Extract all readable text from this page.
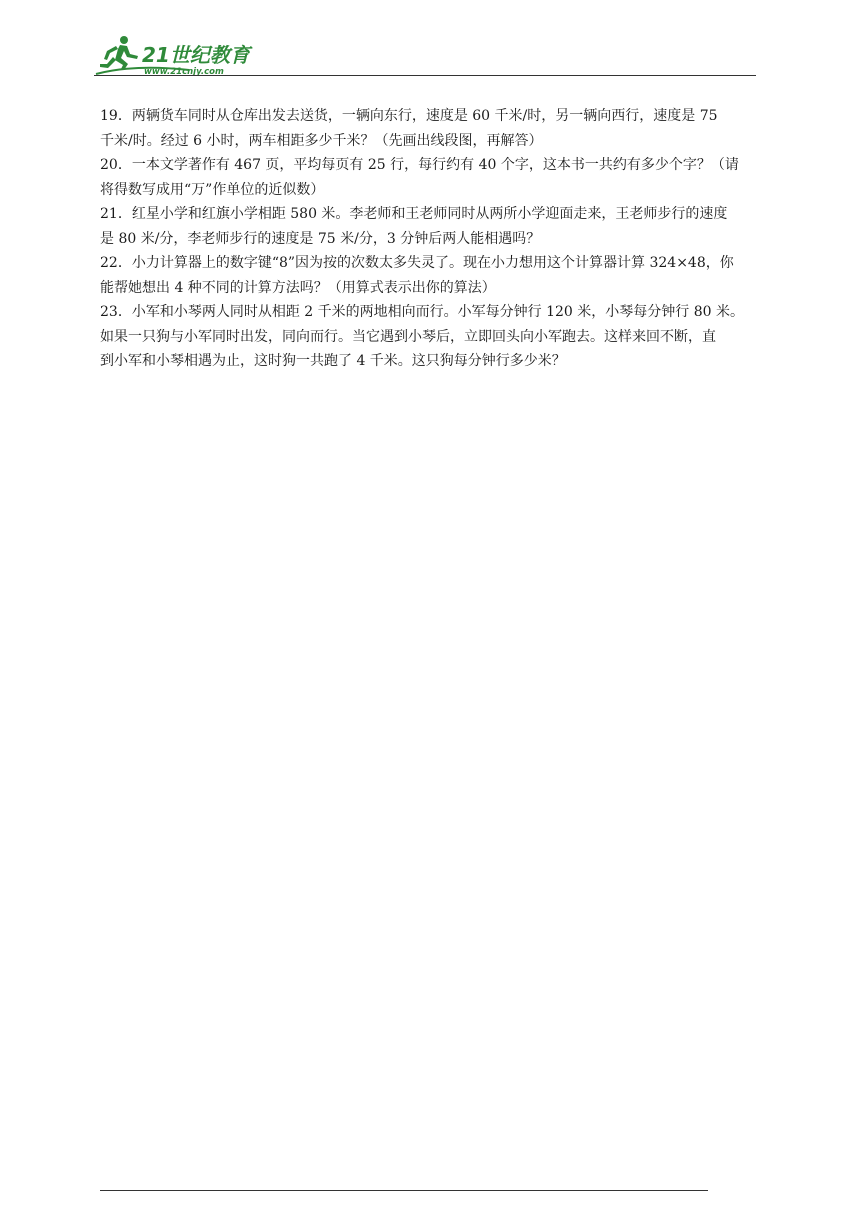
21世纪教育
www.21cnjy.com

19．两辆货车同时从仓库出发去送货，一辆向东行，速度是 60 千米/时，另一辆向西行，速度是 75
千米/时。经过 6 小时，两车相距多少千米？（先画出线段图，再解答）

20．一本文学著作有 467 页，平均每页有 25 行，每行约有 40 个字，这本书一共约有多少个字？（请
将得数写成用“万”作单位的近似数）

21．红星小学和红旗小学相距 580 米。李老师和王老师同时从两所小学迎面走来，王老师步行的速度
是 80 米/分，李老师步行的速度是 75 米/分，3 分钟后两人能相遇吗？

22．小力计算器上的数字键“8”因为按的次数太多失灵了。现在小力想用这个计算器计算 324×48，你
能帮她想出 4 种不同的计算方法吗？（用算式表示出你的算法）

23．小军和小琴两人同时从相距 2 千米的两地相向而行。小军每分钟行 120 米，小琴每分钟行 80 米。
如果一只狗与小军同时出发，同向而行。当它遇到小琴后，立即回头向小军跑去。这样来回不断，直
到小军和小琴相遇为止，这时狗一共跑了 4 千米。这只狗每分钟行多少米？
